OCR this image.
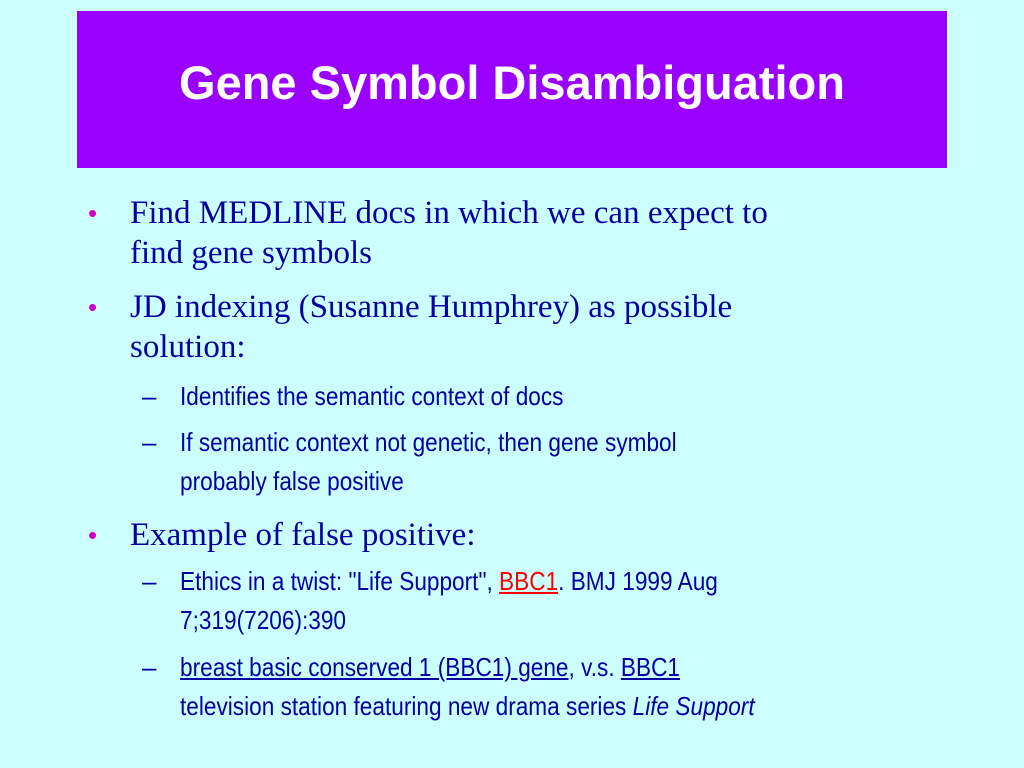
Gene Symbol Disambiguation
• Find MEDLINE docs in which we can expect to
find gene symbols
• JD indexing (Susanne Humphrey) as possible
solution:
– Identifies the semantic context of docs
– If semantic context not genetic, then gene symbol
probably false positive
• Example of false positive:
– Ethics in a twist: "Life Support", BBC1. BMJ 1999 Aug
7;319(7206):390
– breast basic conserved 1 (BBC1) gene, v.s. BBC1
television station featuring new drama series Life Support
